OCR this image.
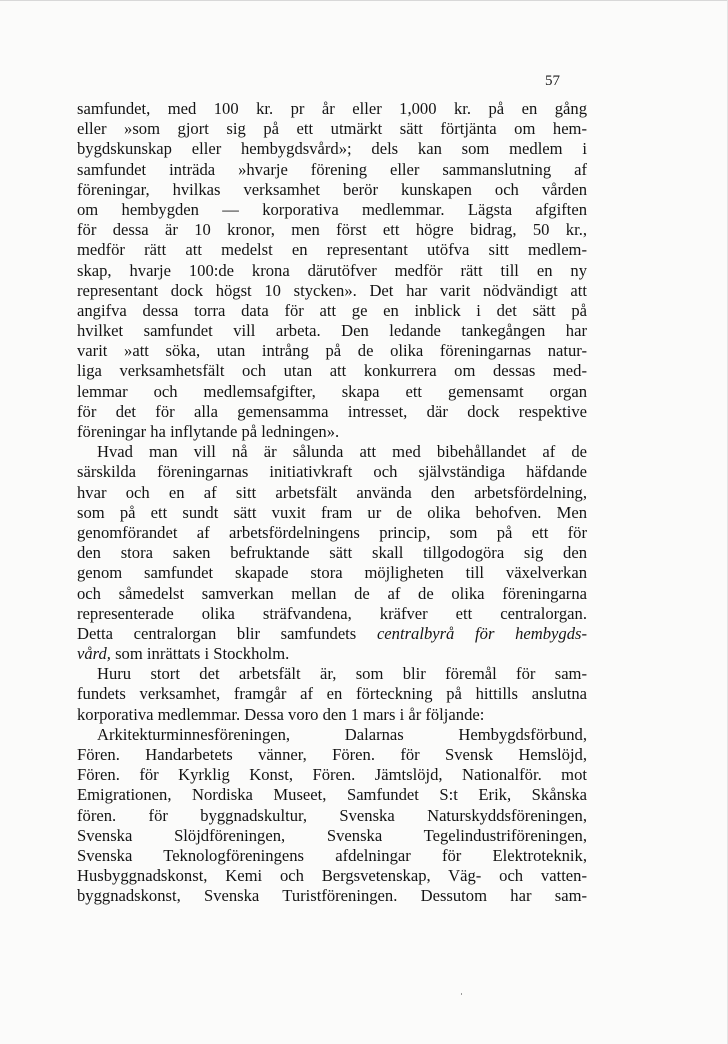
57
samfundet, med 100 kr. pr år eller 1,000 kr. på en gång
eller »som gjort sig på ett utmärkt sätt förtjänta om hem-
bygdskunskap eller hembygdsvård»; dels kan som medlem i
samfundet inträda »hvarje förening eller sammanslutning af
föreningar, hvilkas verksamhet berör kunskapen och vården
om hembygden — korporativa medlemmar. Lägsta afgiften
för dessa är 10 kronor, men först ett högre bidrag, 50 kr.,
medför rätt att medelst en representant utöfva sitt medlem-
skap, hvarje 100:de krona därutöfver medför rätt till en ny
representant dock högst 10 stycken». Det har varit nödvändigt att
angifva dessa torra data för att ge en inblick i det sätt på
hvilket samfundet vill arbeta. Den ledande tankegången har
varit »att söka, utan intrång på de olika föreningarnas natur-
liga verksamhetsfält och utan att konkurrera om dessas med-
lemmar och medlemsafgifter, skapa ett gemensamt organ
för det för alla gemensamma intresset, där dock respektive
föreningar ha inflytande på ledningen».
Hvad man vill nå är sålunda att med bibehållandet af de
särskilda föreningarnas initiativkraft och självständiga häfdande
hvar och en af sitt arbetsfält använda den arbetsfördelning,
som på ett sundt sätt vuxit fram ur de olika behofven. Men
genomförandet af arbetsfördelningens princip, som på ett för
den stora saken befruktande sätt skall tillgodogöra sig den
genom samfundet skapade stora möjligheten till växelverkan
och såmedelst samverkan mellan de af de olika föreningarna
representerade olika sträfvandena, kräfver ett centralorgan.
Detta centralorgan blir samfundets centralbyrå för hembygds-
vård, som inrättats i Stockholm.
Huru stort det arbetsfält är, som blir föremål för sam-
fundets verksamhet, framgår af en förteckning på hittills anslutna
korporativa medlemmar. Dessa voro den 1 mars i år följande:
Arkitekturminnesföreningen, Dalarnas Hembygdsförbund,
Fören. Handarbetets vänner, Fören. för Svensk Hemslöjd,
Fören. för Kyrklig Konst, Fören. Jämtslöjd, Nationalför. mot
Emigrationen, Nordiska Museet, Samfundet S:t Erik, Skånska
fören. för byggnadskultur, Svenska Naturskyddsföreningen,
Svenska Slöjdföreningen, Svenska Tegelindustriföreningen,
Svenska Teknologföreningens afdelningar för Elektroteknik,
Husbyggnadskonst, Kemi och Bergsvetenskap, Väg- och vatten-
byggnadskonst, Svenska Turistföreningen. Dessutom har sam-
